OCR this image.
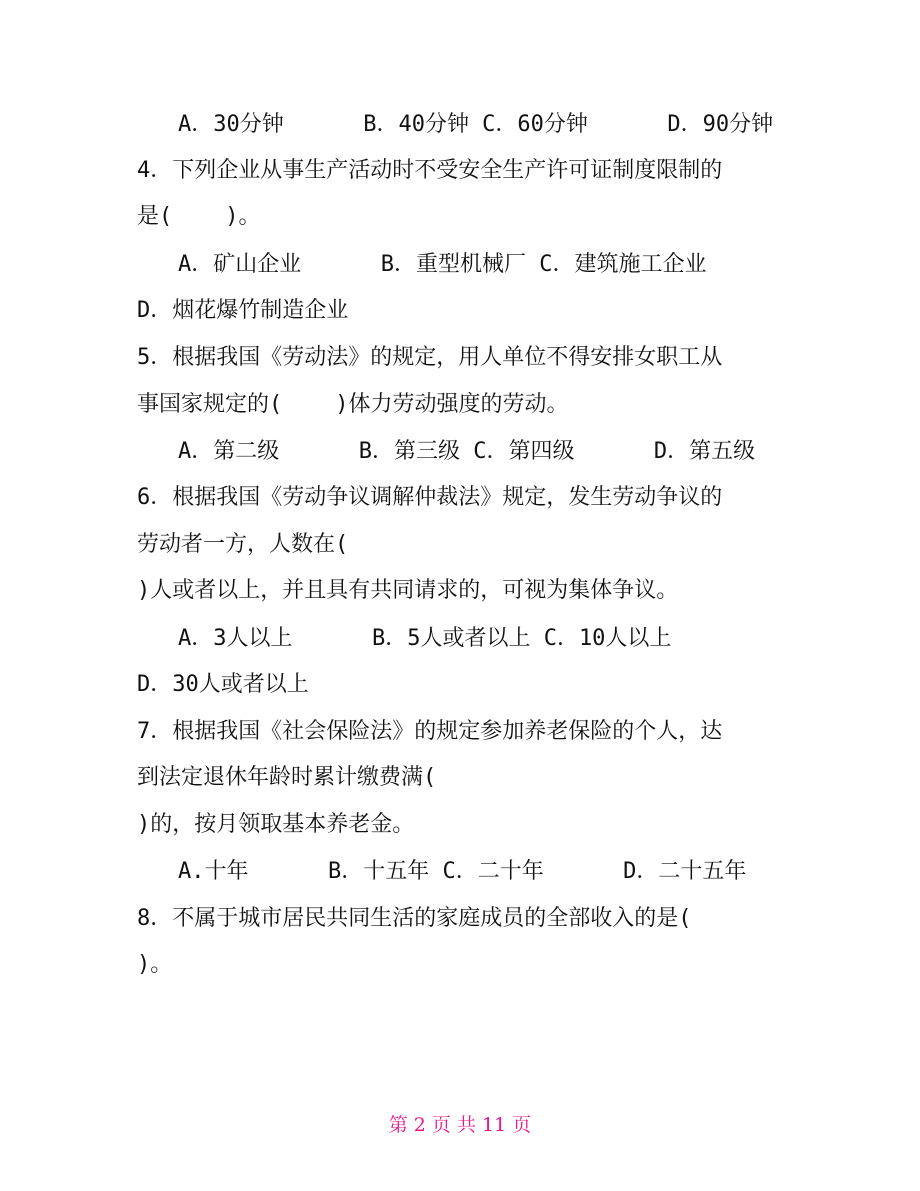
A．30分钟      B．40分钟 C．60分钟      D．90分钟
4．下列企业从事生产活动时不受安全生产许可证制度限制的
是(    )。
A．矿山企业      B．重型机械厂 C．建筑施工企业
D．烟花爆竹制造企业
5．根据我国《劳动法》的规定，用人单位不得安排女职工从
事国家规定的(    )体力劳动强度的劳动。
A．第二级      B．第三级 C．第四级      D．第五级
6．根据我国《劳动争议调解仲裁法》规定，发生劳动争议的
劳动者一方，人数在(
)人或者以上，并且具有共同请求的，可视为集体争议。
A．3人以上      B．5人或者以上 C．10人以上
D．30人或者以上
7．根据我国《社会保险法》的规定参加养老保险的个人，达
到法定退休年龄时累计缴费满(
)的，按月领取基本养老金。
A.十年      B．十五年 C．二十年      D．二十五年
8．不属于城市居民共同生活的家庭成员的全部收入的是(
)。
第 2 页 共 11 页
